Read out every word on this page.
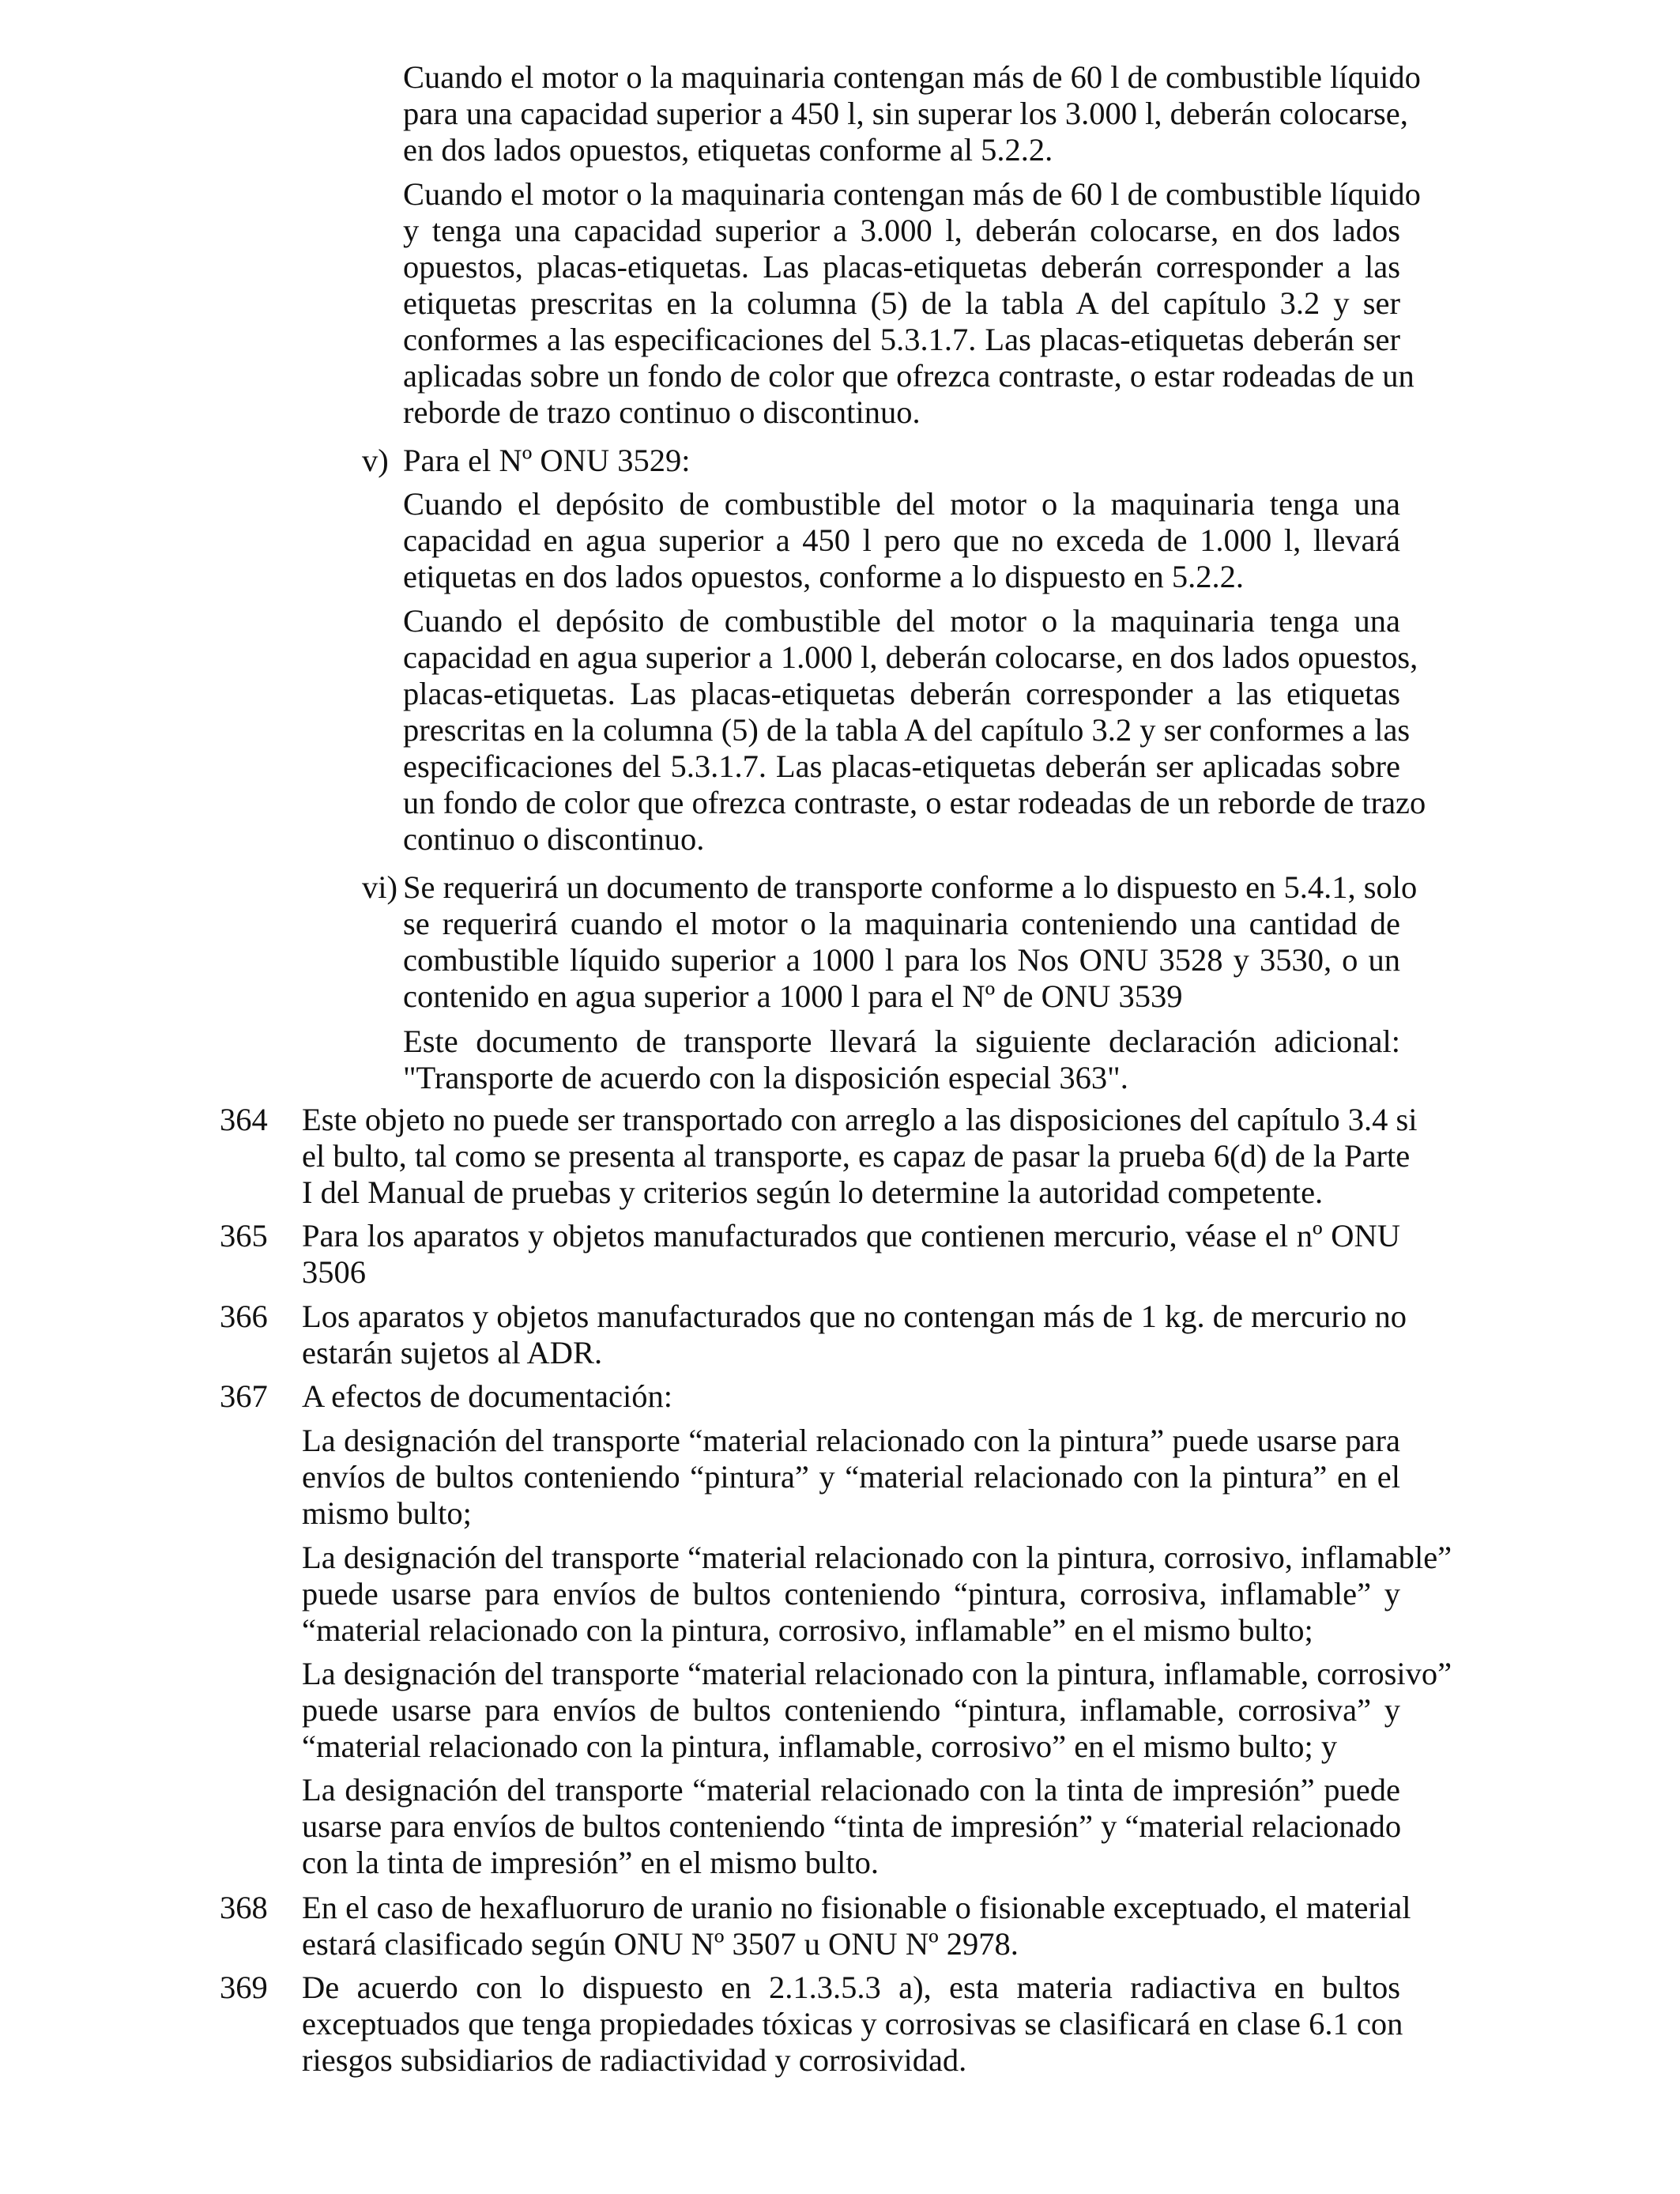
Cuando el motor o la maquinaria contengan más de 60 l de combustible líquido
para una capacidad superior a 450 l, sin superar los 3.000 l, deberán colocarse,
en dos lados opuestos, etiquetas conforme al 5.2.2.
Cuando el motor o la maquinaria contengan más de 60 l de combustible líquido
y tenga una capacidad superior a 3.000 l, deberán colocarse, en dos lados
opuestos, placas-etiquetas. Las placas-etiquetas deberán corresponder a las
etiquetas prescritas en la columna (5) de la tabla A del capítulo 3.2 y ser
conformes a las especificaciones del 5.3.1.7. Las placas-etiquetas deberán ser
aplicadas sobre un fondo de color que ofrezca contraste, o estar rodeadas de un
reborde de trazo continuo o discontinuo.
v) Para el Nº ONU 3529:
Cuando el depósito de combustible del motor o la maquinaria tenga una
capacidad en agua superior a 450 l pero que no exceda de 1.000 l, llevará
etiquetas en dos lados opuestos, conforme a lo dispuesto en 5.2.2.
Cuando el depósito de combustible del motor o la maquinaria tenga una
capacidad en agua superior a 1.000 l, deberán colocarse, en dos lados opuestos,
placas-etiquetas. Las placas-etiquetas deberán corresponder a las etiquetas
prescritas en la columna (5) de la tabla A del capítulo 3.2 y ser conformes a las
especificaciones del 5.3.1.7. Las placas-etiquetas deberán ser aplicadas sobre
un fondo de color que ofrezca contraste, o estar rodeadas de un reborde de trazo
continuo o discontinuo.
vi) Se requerirá un documento de transporte conforme a lo dispuesto en 5.4.1, solo
se requerirá cuando el motor o la maquinaria conteniendo una cantidad de
combustible líquido superior a 1000 l para los Nos ONU 3528 y 3530, o un
contenido en agua superior a 1000 l para el Nº de ONU 3539
Este documento de transporte llevará la siguiente declaración adicional:
"Transporte de acuerdo con la disposición especial 363".
364 Este objeto no puede ser transportado con arreglo a las disposiciones del capítulo 3.4 si
el bulto, tal como se presenta al transporte, es capaz de pasar la prueba 6(d) de la Parte
I del Manual de pruebas y criterios según lo determine la autoridad competente.
365 Para los aparatos y objetos manufacturados que contienen mercurio, véase el nº ONU
3506
366 Los aparatos y objetos manufacturados que no contengan más de 1 kg. de mercurio no
estarán sujetos al ADR.
367 A efectos de documentación:
La designación del transporte “material relacionado con la pintura” puede usarse para
envíos de bultos conteniendo “pintura” y “material relacionado con la pintura” en el
mismo bulto;
La designación del transporte “material relacionado con la pintura, corrosivo, inflamable”
puede usarse para envíos de bultos conteniendo “pintura, corrosiva, inflamable” y
“material relacionado con la pintura, corrosivo, inflamable” en el mismo bulto;
La designación del transporte “material relacionado con la pintura, inflamable, corrosivo”
puede usarse para envíos de bultos conteniendo “pintura, inflamable, corrosiva” y
“material relacionado con la pintura, inflamable, corrosivo” en el mismo bulto; y
La designación del transporte “material relacionado con la tinta de impresión” puede
usarse para envíos de bultos conteniendo “tinta de impresión” y “material relacionado
con la tinta de impresión” en el mismo bulto.
368 En el caso de hexafluoruro de uranio no fisionable o fisionable exceptuado, el material
estará clasificado según ONU Nº 3507 u ONU Nº 2978.
369 De acuerdo con lo dispuesto en 2.1.3.5.3 a), esta materia radiactiva en bultos
exceptuados que tenga propiedades tóxicas y corrosivas se clasificará en clase 6.1 con
riesgos subsidiarios de radiactividad y corrosividad.
